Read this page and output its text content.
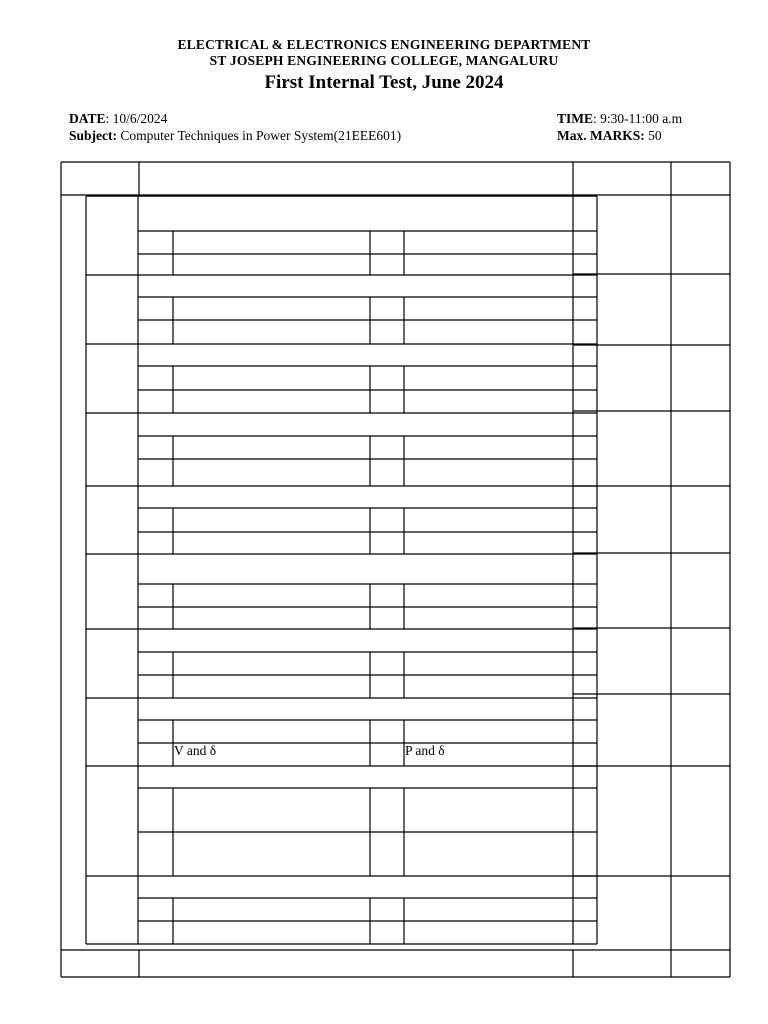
ELECTRICAL & ELECTRONICS ENGINEERING DEPARTMENT
ST JOSEPH ENGINEERING COLLEGE, MANGALURU
First Internal Test, June 2024
DATE: 10/6/2024
Subject: Computer Techniques in Power System(21EEE601)
TIME: 9:30-11:00 a.m
Max. MARKS: 50
V and δ	P and δ
